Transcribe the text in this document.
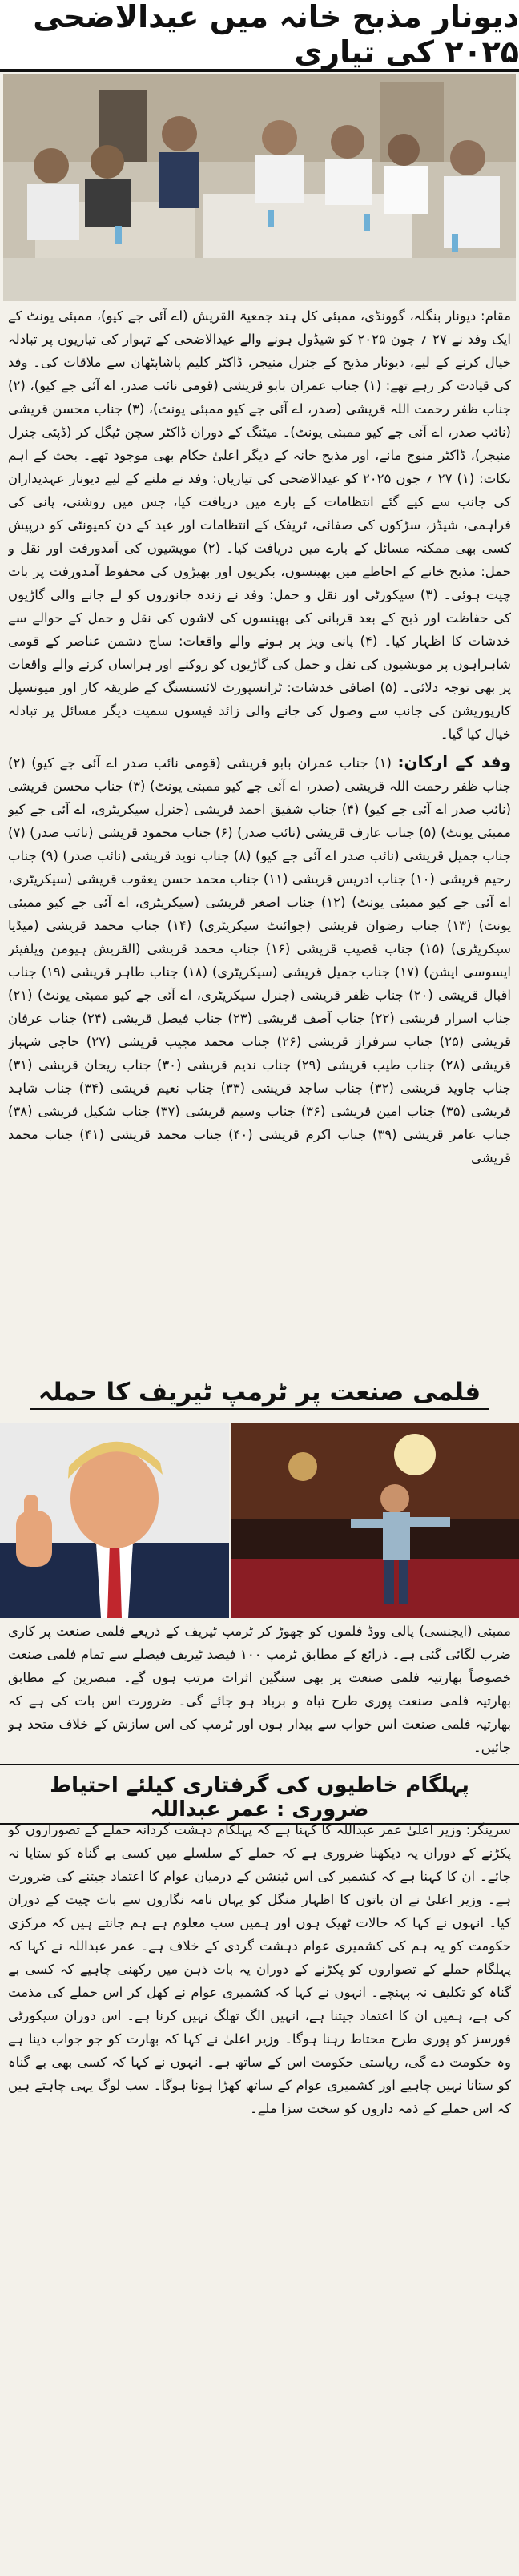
دیونار مذبح خانہ میں عیدالاضحی ۲۰۲۵ کی تیاری

مقام: دیونار بنگلہ، گوونڈی، ممبئی کل ہند جمعیۃ القریش (اے آئی جے کیو)، ممبئی یونٹ کے ایک وفد نے ۲۷ ؍ جون ۲۰۲۵ کو شیڈول ہونے والے عیدالاضحی کے تہوار کی تیاریوں پر تبادلہ خیال کرنے کے لیے، دیونار مذبح کے جنرل منیجر، ڈاکٹر کلیم پاشاپٹھان سے ملاقات کی۔ وفد کی قیادت کر رہے تھے: (۱) جناب عمران بابو قریشی (قومی نائب صدر، اے آئی جے کیو)، (۲) جناب ظفر رحمت اللہ قریشی (صدر، اے آئی جے کیو ممبئی یونٹ)، (۳) جناب محسن قریشی (نائب صدر، اے آئی جے کیو ممبئی یونٹ)۔ میٹنگ کے دوران ڈاکٹر سچن ٹیگل کر (ڈپٹی جنرل منیجر)، ڈاکٹر منوج مانے، اور مذبح خانہ کے دیگر اعلیٰ حکام بھی موجود تھے۔ بحث کے اہم نکات: (۱) ۲۷ ؍ جون ۲۰۲۵ کو عیدالاضحی کی تیاریاں: وفد نے ملنے کے لیے دیونار عہدیداران کی جانب سے کیے گئے انتظامات کے بارے میں دریافت کیا، جس میں روشنی، پانی کی فراہمی، شیڈز، سڑکوں کی صفائی، ٹریفک کے انتظامات اور عید کے دن کمیونٹی کو درپیش کسی بھی ممکنہ مسائل کے بارے میں دریافت کیا۔ (۲) مویشیوں کی آمدورفت اور نقل و حمل: مذبح خانے کے احاطے میں بھینسوں، بکریوں اور بھیڑوں کی محفوظ آمدورفت پر بات چیت ہوئی۔ (۳) سیکورٹی اور نقل و حمل: وفد نے زندہ جانوروں کو لے جانے والی گاڑیوں کی حفاظت اور ذبح کے بعد قربانی کی بھینسوں کی لاشوں کی نقل و حمل کے حوالے سے خدشات کا اظہار کیا۔ (۴) پانی ویز پر ہونے والے واقعات: ساج دشمن عناصر کے قومی شاہراہوں پر مویشیوں کی نقل و حمل کی گاڑیوں کو روکنے اور ہراساں کرنے والے واقعات پر بھی توجہ دلائی۔ (۵) اضافی خدشات: ٹرانسپورٹ لائسنسنگ کے طریقہ کار اور میونسپل کارپوریشن کی جانب سے وصول کی جانے والی زائد فیسوں سمیت دیگر مسائل پر تبادلہ خیال کیا گیا۔

وفد کے ارکان: (۱) جناب عمران بابو قریشی (قومی نائب صدر اے آئی جے کیو) (۲) جناب ظفر رحمت اللہ قریشی (صدر، اے آئی جے کیو ممبئی یونٹ) (۳) جناب محسن قریشی (نائب صدر اے آئی جے کیو) (۴) جناب شفیق احمد قریشی (جنرل سیکریٹری، اے آئی جے کیو ممبئی یونٹ) (۵) جناب عارف قریشی (نائب صدر) (۶) جناب محمود قریشی (نائب صدر) (۷) جناب جمیل قریشی (نائب صدر اے آئی جے کیو) (۸) جناب نوید قریشی (نائب صدر) (۹) جناب رحیم قریشی (۱۰) جناب ادریس قریشی (۱۱) جناب محمد حسن یعقوب قریشی (سیکریٹری، اے آئی جے کیو ممبئی یونٹ) (۱۲) جناب اصغر قریشی (سیکریٹری، اے آئی جے کیو ممبئی یونٹ) (۱۳) جناب رضوان قریشی (جوائنٹ سیکریٹری) (۱۴) جناب محمد قریشی (میڈیا سیکریٹری) (۱۵) جناب قصیب قریشی (۱۶) جناب محمد قریشی (القریش ہیومن ویلفیئر ایسوسی ایشن) (۱۷) جناب جمیل قریشی (سیکریٹری) (۱۸) جناب طاہر قریشی (۱۹) جناب اقبال قریشی (۲۰) جناب ظفر قریشی (جنرل سیکریٹری، اے آئی جے کیو ممبئی یونٹ) (۲۱) جناب اسرار قریشی (۲۲) جناب آصف قریشی (۲۳) جناب فیصل قریشی (۲۴) جناب عرفان قریشی (۲۵) جناب سرفراز قریشی (۲۶) جناب محمد مجیب قریشی (۲۷) حاجی شہباز قریشی (۲۸) جناب طیب قریشی (۲۹) جناب ندیم قریشی (۳۰) جناب ریحان قریشی (۳۱) جناب جاوید قریشی (۳۲) جناب ساجد قریشی (۳۳) جناب نعیم قریشی (۳۴) جناب شاہد قریشی (۳۵) جناب امین قریشی (۳۶) جناب وسیم قریشی (۳۷) جناب شکیل قریشی (۳۸) جناب عامر قریشی (۳۹) جناب اکرم قریشی (۴۰) جناب محمد قریشی (۴۱) جناب محمد قریشی

فلمی صنعت پر ٹرمپ ٹیریف کا حملہ

ممبئی (ایجنسی) پالی ووڈ فلموں کو چھوڑ کر ٹرمپ ٹیریف کے ذریعے فلمی صنعت پر کاری ضرب لگائی گئی ہے۔ ذرائع کے مطابق ٹرمپ ۱۰۰ فیصد ٹیریف فیصلے سے تمام فلمی صنعت خصوصاً بھارتیہ فلمی صنعت پر بھی سنگین اثرات مرتب ہوں گے۔ مبصرین کے مطابق بھارتیہ فلمی صنعت پوری طرح تباہ و برباد ہو جائے گی۔ ضرورت اس بات کی ہے کہ بھارتیہ فلمی صنعت اس خواب سے بیدار ہوں اور ٹرمپ کی اس سازش کے خلاف متحد ہو جائیں۔

پہلگام خاطیوں کی گرفتاری کیلئے احتیاط ضروری : عمر عبداللہ

سرینگر: وزیر اعلیٰ عمر عبداللہ کا کہنا ہے کہ پہلگام دہشت گردانہ حملے کے تصوراروں کو پکڑنے کے دوران یہ دیکھنا ضروری ہے کہ حملے کے سلسلے میں کسی بے گناہ کو ستایا نہ جائے۔ ان کا کہنا ہے کہ کشمیر کی اس ٹینشن کے درمیان عوام کا اعتماد جیتنے کی ضرورت ہے۔ وزیر اعلیٰ نے ان باتوں کا اظہار منگل کو یہاں نامہ نگاروں سے بات چیت کے دوران کیا۔ انہوں نے کہا کہ حالات ٹھیک ہوں اور ہمیں سب معلوم ہے ہم جانتے ہیں کہ مرکزی حکومت کو یہ ہم کی کشمیری عوام دہشت گردی کے خلاف ہے۔ عمر عبداللہ نے کہا کہ پہلگام حملے کے تصواروں کو پکڑنے کے دوران یہ بات ذہن میں رکھنی چاہیے کہ کسی بے گناہ کو تکلیف نہ پہنچے۔ انہوں نے کہا کہ کشمیری عوام نے کھل کر اس حملے کی مذمت کی ہے، ہمیں ان کا اعتماد جیتنا ہے، انہیں الگ تھلگ نہیں کرنا ہے۔ اس دوران سیکورٹی فورسز کو پوری طرح محتاط رہنا ہوگا۔ وزیر اعلیٰ نے کہا کہ بھارت کو جو جواب دینا ہے وہ حکومت دے گی، ریاستی حکومت اس کے ساتھ ہے۔ انہوں نے کہا کہ کسی بھی بے گناہ کو ستانا نہیں چاہیے اور کشمیری عوام کے ساتھ کھڑا ہونا ہوگا۔ سب لوگ یہی چاہتے ہیں کہ اس حملے کے ذمہ داروں کو سخت سزا ملے۔
